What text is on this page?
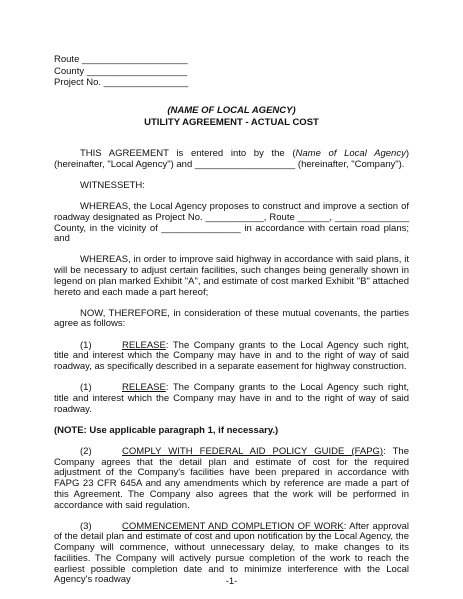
Route ____________________
County ___________________
Project No. ________________
(NAME OF LOCAL AGENCY)
UTILITY AGREEMENT - ACTUAL COST

THIS AGREEMENT is entered into by the (Name of Local Agency) (hereinafter, "Local Agency") and ___________________ (hereinafter, "Company").

WITNESSETH:

WHEREAS, the Local Agency proposes to construct and improve a section of roadway designated as Project No. ___________, Route ______, ______________ County, in the vicinity of _______________ in accordance with certain road plans; and

WHEREAS, in order to improve said highway in accordance with said plans, it will be necessary to adjust certain facilities, such changes being generally shown in legend on plan marked Exhibit "A", and estimate of cost marked Exhibit "B" attached hereto and each made a part hereof;

NOW, THEREFORE, in consideration of these mutual covenants, the parties agree as follows:

(1)	RELEASE: The Company grants to the Local Agency such right, title and interest which the Company may have in and to the right of way of said roadway, as specifically described in a separate easement for highway construction.

(1)	RELEASE: The Company grants to the Local Agency such right, title and interest which the Company may have in and to the right of way of said roadway.

(NOTE: Use applicable paragraph 1, if necessary.)

(2)	COMPLY WITH FEDERAL AID POLICY GUIDE (FAPG): The Company agrees that the detail plan and estimate of cost for the required adjustment of the Company's facilities have been prepared in accordance with FAPG 23 CFR 645A and any amendments which by reference are made a part of this Agreement. The Company also agrees that the work will be performed in accordance with said regulation.

(3)	COMMENCEMENT AND COMPLETION OF WORK: After approval of the detail plan and estimate of cost and upon notification by the Local Agency, the Company will commence, without unnecessary delay, to make changes to its facilities. The Company will actively pursue completion of the work to reach the earliest possible completion date and to minimize interference with the Local Agency's roadway	-1-
